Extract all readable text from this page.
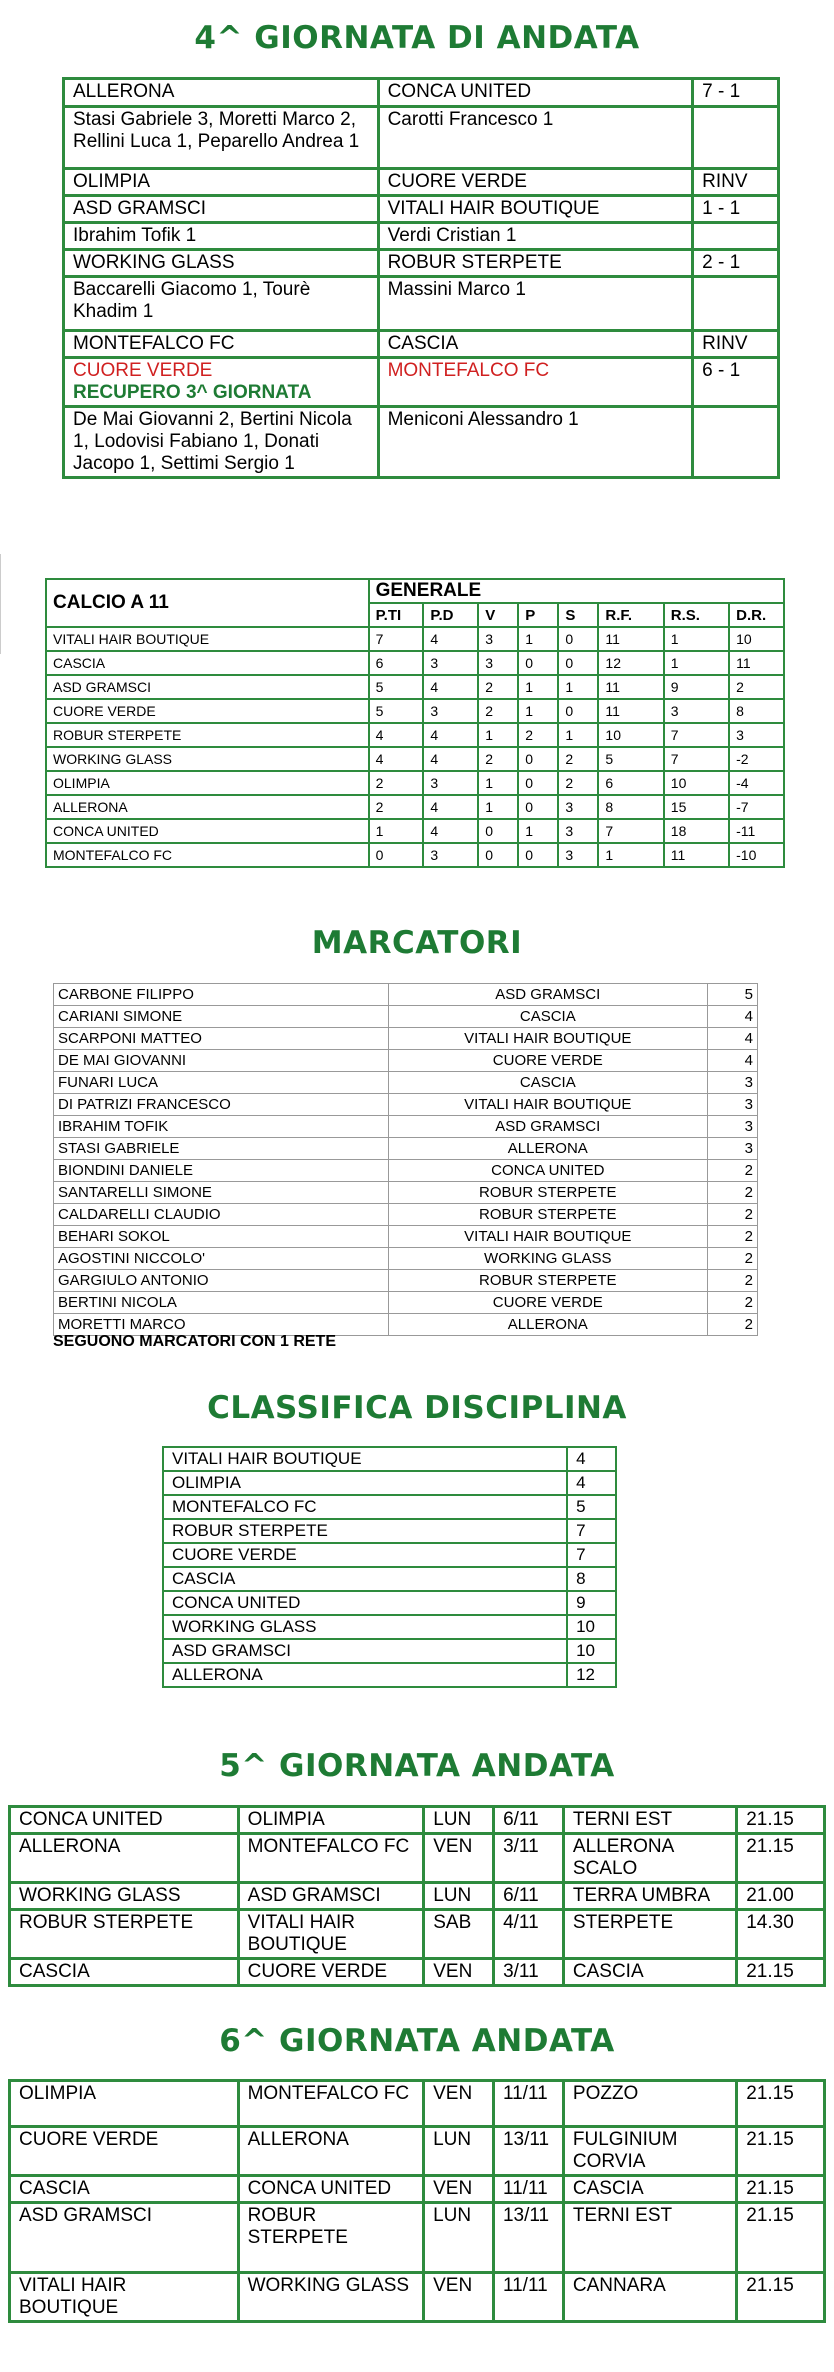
4^ GIORNATA DI ANDATA
ALLERONA	CONCA UNITED	7 - 1
Stasi Gabriele 3, Moretti Marco 2, Rellini Luca 1, Peparello Andrea 1	Carotti Francesco 1	
OLIMPIA	CUORE VERDE	RINV
ASD GRAMSCI	VITALI HAIR BOUTIQUE	1 - 1
Ibrahim Tofik 1	Verdi Cristian 1	
WORKING GLASS	ROBUR STERPETE	2 - 1
Baccarelli Giacomo 1, Tourè Khadim 1	Massini Marco 1	
MONTEFALCO FC	CASCIA	RINV

CUORE VERDE
RECUPERO 3^ GIORNATA	MONTEFALCO FC	6 - 1
De Mai Giovanni 2, Bertini Nicola 1, Lodovisi Fabiano 1, Donati Jacopo 1, Settimi Sergio 1	Meniconi Alessandro 1	
CALCIO A 11	GENERALE							
	P.TI	P.D	V	P	S	R.F.	R.S.	D.R.
VITALI HAIR BOUTIQUE	7	4	3	1	0	11	1	10
CASCIA	6	3	3	0	0	12	1	11
ASD GRAMSCI	5	4	2	1	1	11	9	2
CUORE VERDE	5	3	2	1	0	11	3	8
ROBUR STERPETE	4	4	1	2	1	10	7	3
WORKING GLASS	4	4	2	0	2	5	7	-2
OLIMPIA	2	3	1	0	2	6	10	-4
ALLERONA	2	4	1	0	3	8	15	-7
CONCA UNITED	1	4	0	1	3	7	18	-11
MONTEFALCO FC	0	3	0	0	3	1	11	-10
MARCATORI
CARBONE FILIPPO	ASD GRAMSCI	5
CARIANI SIMONE	CASCIA	4
SCARPONI MATTEO	VITALI HAIR BOUTIQUE	4
DE MAI GIOVANNI	CUORE VERDE	4
FUNARI LUCA	CASCIA	3
DI PATRIZI FRANCESCO	VITALI HAIR BOUTIQUE	3
IBRAHIM TOFIK	ASD GRAMSCI	3
STASI GABRIELE	ALLERONA	3
BIONDINI DANIELE	CONCA UNITED	2
SANTARELLI SIMONE	ROBUR STERPETE	2
CALDARELLI CLAUDIO	ROBUR STERPETE	2
BEHARI SOKOL	VITALI HAIR BOUTIQUE	2
AGOSTINI NICCOLO'	WORKING GLASS	2
GARGIULO ANTONIO	ROBUR STERPETE	2
BERTINI NICOLA	CUORE VERDE	2
MORETTI MARCO	ALLERONA	2
SEGUONO MARCATORI CON 1 RETE
CLASSIFICA DISCIPLINA
VITALI HAIR BOUTIQUE	4
OLIMPIA	4
MONTEFALCO FC	5
ROBUR STERPETE	7
CUORE VERDE	7
CASCIA	8
CONCA UNITED	9
WORKING GLASS	10
ASD GRAMSCI	10
ALLERONA	12
5^ GIORNATA ANDATA
CONCA UNITED	OLIMPIA	LUN	6/11	TERNI EST	21.15
ALLERONA	MONTEFALCO FC	VEN	3/11	ALLERONA SCALO	21.15
WORKING GLASS	ASD GRAMSCI	LUN	6/11	TERRA UMBRA	21.00
ROBUR STERPETE	VITALI HAIR BOUTIQUE	SAB	4/11	STERPETE	14.30
CASCIA	CUORE VERDE	VEN	3/11	CASCIA	21.15
6^ GIORNATA ANDATA
OLIMPIA	MONTEFALCO FC	VEN	11/11	POZZO	21.15
CUORE VERDE	ALLERONA	LUN	13/11	FULGINIUM CORVIA	21.15
CASCIA	CONCA UNITED	VEN	11/11	CASCIA	21.15
ASD GRAMSCI	ROBUR STERPETE	LUN	13/11	TERNI EST	21.15
VITALI HAIR BOUTIQUE	WORKING GLASS	VEN	11/11	CANNARA	21.15
